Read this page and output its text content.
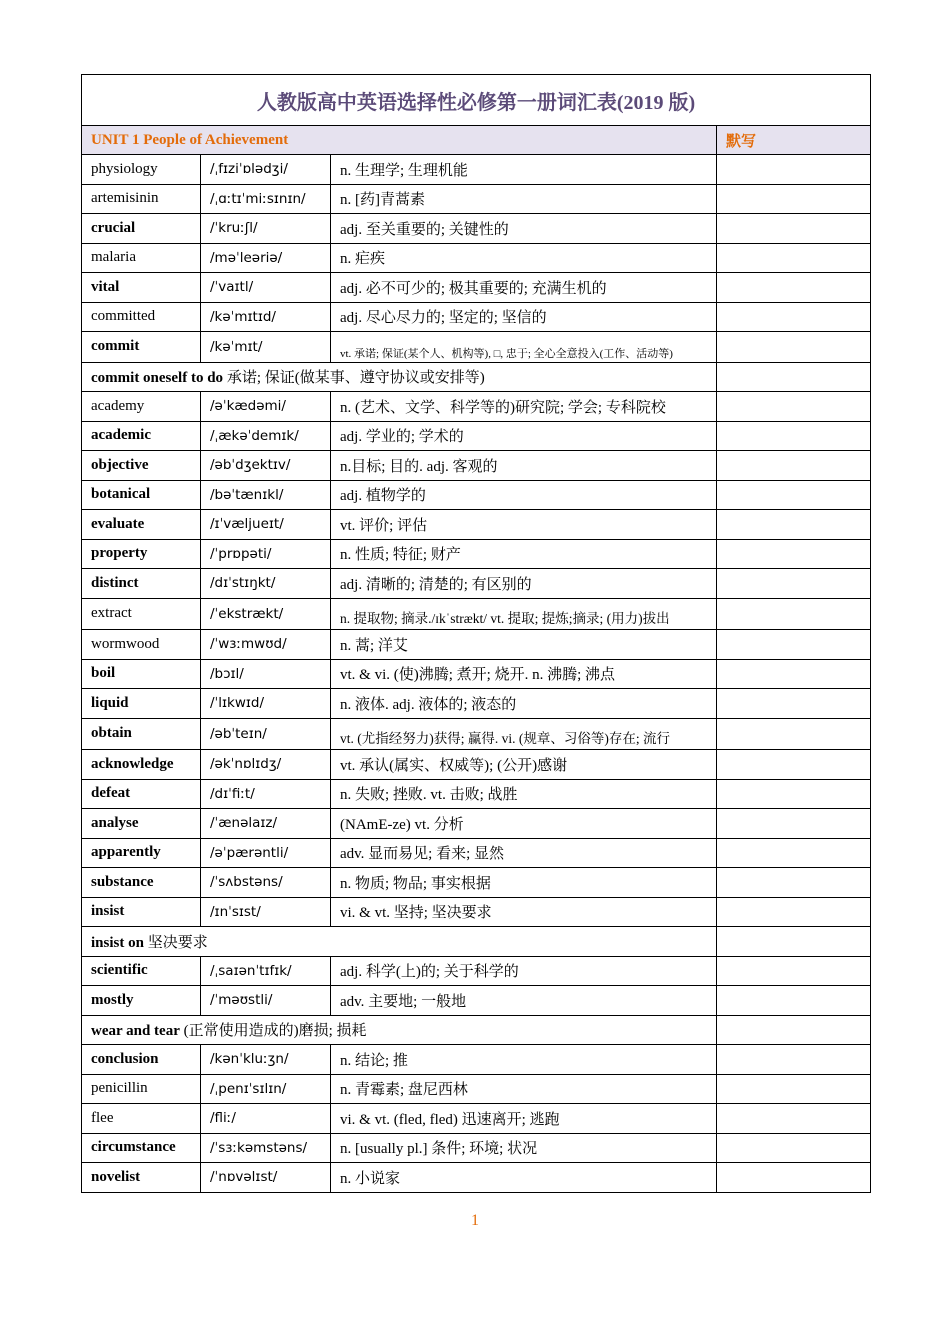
人教版高中英语选择性必修第一册词汇表(2019 版)			
UNIT 1 People of Achievement			默写
physiology	/ˌfɪziˈɒlədʒi/	n. 生理学; 生理机能	
artemisinin	/ˌɑːtɪˈmiːsɪnɪn/	n. [药]青蒿素	
crucial	/ˈkruːʃl/	adj. 至关重要的; 关键性的	
malaria	/məˈleəriə/	n. 疟疾	
vital	/ˈvaɪtl/	adj. 必不可少的; 极其重要的; 充满生机的	
committed	/kəˈmɪtɪd/	adj. 尽心尽力的; 坚定的; 坚信的	
commit	/kəˈmɪt/	vt. 承诺; 保证(某个人、机构等), □, 忠于; 全心全意投入(工作、活动等)	
commit oneself to do 承诺; 保证(做某事、遵守协议或安排等)			
academy	/əˈkædəmi/	n. (艺术、文学、科学等的)研究院; 学会; 专科院校	
academic	/ˌækəˈdemɪk/	adj. 学业的; 学术的	
objective	/əbˈdʒektɪv/	n.目标; 目的. adj. 客观的	
botanical	/bəˈtænɪkl/	adj. 植物学的	
evaluate	/ɪˈvæljueɪt/	vt. 评价; 评估	
property	/ˈprɒpəti/	n. 性质; 特征; 财产	
distinct	/dɪˈstɪŋkt/	adj. 清晰的; 清楚的; 有区别的	
extract	/ˈekstrækt/	n. 提取物; 摘录./ɪkˈstrækt/ vt. 提取; 提炼;摘录; (用力)拔出	
wormwood	/ˈwɜːmwʊd/	n. 蒿; 洋艾	
boil	/bɔɪl/	vt. & vi. (使)沸腾; 煮开; 烧开. n. 沸腾; 沸点	
liquid	/ˈlɪkwɪd/	n. 液体. adj. 液体的; 液态的	
obtain	/əbˈteɪn/	vt. (尤指经努力)获得; 赢得. vi. (规章、习俗等)存在; 流行	
acknowledge	/əkˈnɒlɪdʒ/	vt. 承认(属实、权威等); (公开)感谢	
defeat	/dɪˈfiːt/	n. 失败; 挫败. vt. 击败; 战胜	
analyse	/ˈænəlaɪz/	(NAmE-ze) vt. 分析	
apparently	/əˈpærəntli/	adv. 显而易见; 看来; 显然	
substance	/ˈsʌbstəns/	n. 物质; 物品; 事实根据	
insist	/ɪnˈsɪst/	vi. & vt. 坚持; 坚决要求	
insist on 坚决要求			
scientific	/ˌsaɪənˈtɪfɪk/	adj. 科学(上)的; 关于科学的	
mostly	/ˈməʊstli/	adv. 主要地; 一般地	
wear and tear (正常使用造成的)磨损; 损耗			
conclusion	/kənˈkluːʒn/	n. 结论; 推	
penicillin	/ˌpenɪˈsɪlɪn/	n. 青霉素; 盘尼西林	
flee	/fliː/	vi. & vt. (fled, fled) 迅速离开; 逃跑	
circumstance	/ˈsɜːkəmstəns/	n. [usually pl.] 条件; 环境; 状况	
novelist	/ˈnɒvəlɪst/	n. 小说家	
1
